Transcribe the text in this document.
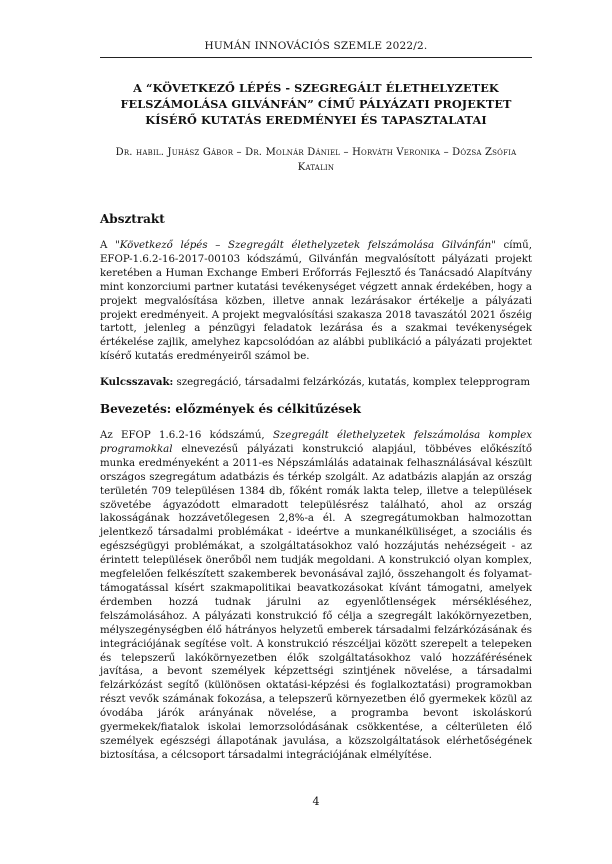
HUMÁN INNOVÁCIÓS SZEMLE 2022/2.
A “KÖVETKEZŐ LÉPÉS - SZEGREGÁLT ÉLETHELYZETEK FELSZÁMOLÁSA GILVÁNFÁN” CÍMŰ PÁLYÁZATI PROJEKTET KÍSÉRŐ KUTATÁS EREDMÉNYEI ÉS TAPASZTALATAI
Dr. habil. Juhász Gábor – Dr. Molnár Dániel – Horváth Veronika – Dózsa Zsófia Katalin
Absztrakt
A "Következő lépés – Szegregált élethelyzetek felszámolása Gilvánfán" című, EFOP-1.6.2-16-2017-00103 kódszámú, Gilvánfán megvalósított pályázati projekt keretében a Human Exchange Emberi Erőforrás Fejlesztő és Tanácsadó Alapítvány mint konzorciumi partner kutatási tevékenységet végzett annak érdekében, hogy a projekt megvalósítása közben, illetve annak lezárásakor értékelje a pályázati projekt eredményeit. A projekt megvalósítási szakasza 2018 tavaszától 2021 őszéig tartott, jelenleg a pénzügyi feladatok lezárása és a szakmai tevékenységek értékelése zajlik, amelyhez kapcsolódóan az alábbi publikáció a pályázati projektet kísérő kutatás eredményeiről számol be.
Kulcsszavak: szegregáció, társadalmi felzárkózás, kutatás, komplex telepprogram
Bevezetés: előzmények és célkitűzések
Az EFOP 1.6.2-16 kódszámú, Szegregált élethelyzetek felszámolása komplex programokkal elnevezésű pályázati konstrukció alapjául, többéves előkészítő munka eredményeként a 2011-es Népszámlálás adatainak felhasználásával készült országos szegregátum adatbázis és térkép szolgált. Az adatbázis alapján az ország területén 709 településen 1384 db, főként romák lakta telep, illetve a települések szövetébe ágyazódott elmaradott településrész található, ahol az ország lakosságának hozzávetőlegesen 2,8%-a él. A szegregátumokban halmozottan jelentkező társadalmi problémákat - ideértve a munkanélküliséget, a szociális és egészségügyi problémákat, a szolgáltatásokhoz való hozzájutás nehézségeit - az érintett települések önerőből nem tudják megoldani. A konstrukció olyan komplex, megfelelően felkészített szakemberek bevonásával zajló, összehangolt és folyamat-támogatással kísért szakmapolitikai beavatkozásokat kívánt támogatni, amelyek érdemben hozzá tudnak járulni az egyenlőtlenségek mérsékléséhez, felszámolásához. A pályázati konstrukció fő célja a szegregált lakókörnyezetben, mélyszegénységben élő hátrányos helyzetű emberek társadalmi felzárkózásának és integrációjának segítése volt. A konstrukció részcéljai között szerepelt a telepeken és telepszerű lakókörnyezetben élők szolgáltatásokhoz való hozzáférésének javítása, a bevont személyek képzettségi szintjének növelése, a társadalmi felzárkózást segítő (különösen oktatási-képzési és foglalkoztatási) programokban részt vevők számának fokozása, a telepszerű környezetben élő gyermekek közül az óvodába járók arányának növelése, a programba bevont iskoláskorú gyermekek/fiatalok iskolai lemorzsolódásának csökkentése, a célterületen élő személyek egészségi állapotának javulása, a közszolgáltatások elérhetőségének biztosítása, a célcsoport társadalmi integrációjának elmélyítése.
4
